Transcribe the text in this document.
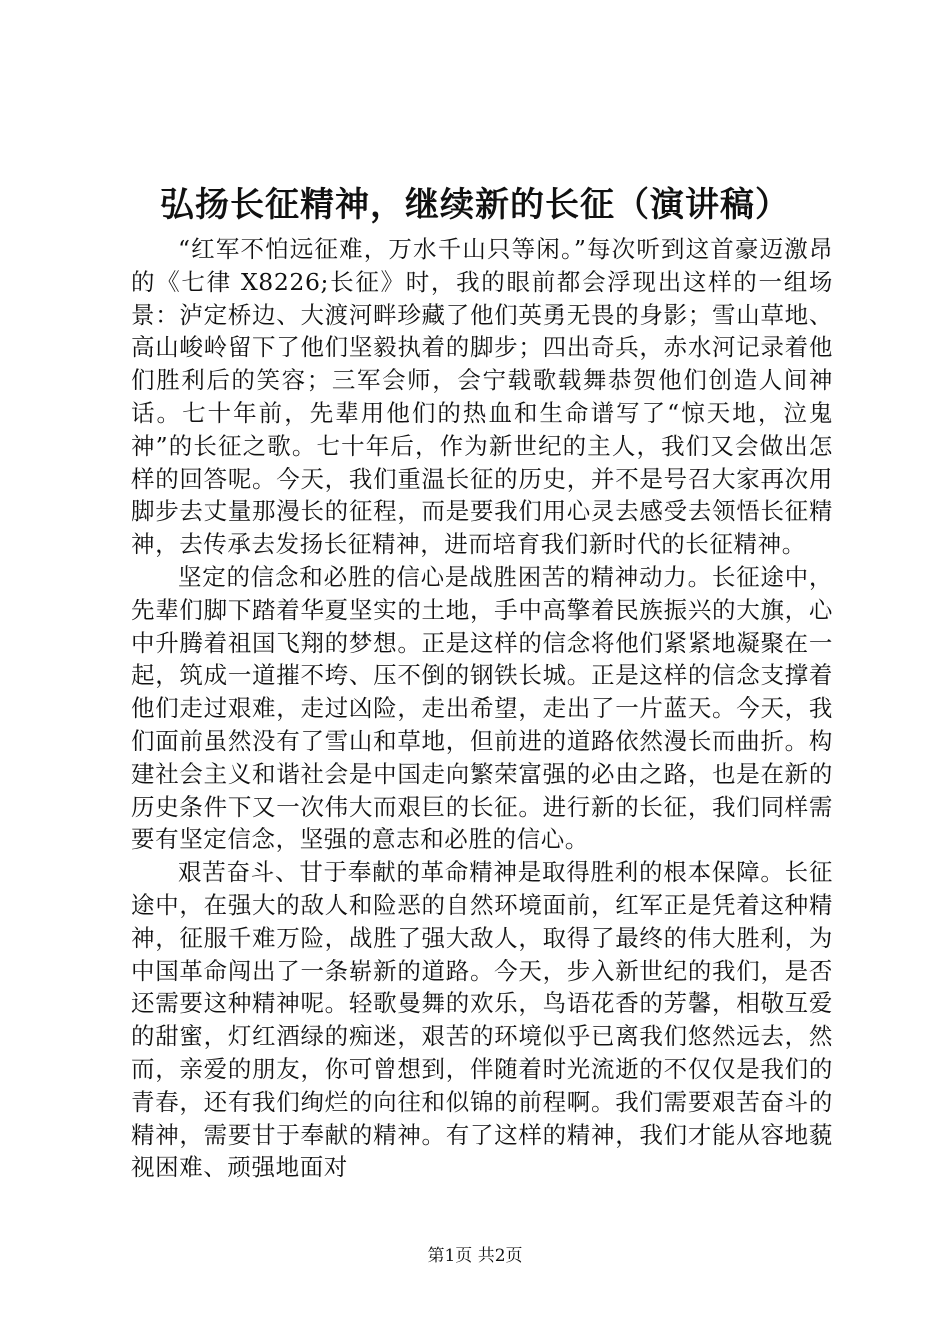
弘扬长征精神，继续新的长征（演讲稿）

“红军不怕远征难，万水千山只等闲。”每次听到这首豪迈激昂的《七律 X8226;长征》时，我的眼前都会浮现出这样的一组场景：泸定桥边、大渡河畔珍藏了他们英勇无畏的身影；雪山草地、高山峻岭留下了他们坚毅执着的脚步；四出奇兵，赤水河记录着他们胜利后的笑容；三军会师，会宁载歌载舞恭贺他们创造人间神话。七十年前，先辈用他们的热血和生命谱写了“惊天地，泣鬼神”的长征之歌。七十年后，作为新世纪的主人，我们又会做出怎样的回答呢。今天，我们重温长征的历史，并不是号召大家再次用脚步去丈量那漫长的征程，而是要我们用心灵去感受去领悟长征精神，去传承去发扬长征精神，进而培育我们新时代的长征精神。

坚定的信念和必胜的信心是战胜困苦的精神动力。长征途中，先辈们脚下踏着华夏坚实的土地，手中高擎着民族振兴的大旗，心中升腾着祖国飞翔的梦想。正是这样的信念将他们紧紧地凝聚在一起，筑成一道摧不垮、压不倒的钢铁长城。正是这样的信念支撑着他们走过艰难，走过凶险，走出希望，走出了一片蓝天。今天，我们面前虽然没有了雪山和草地，但前进的道路依然漫长而曲折。构建社会主义和谐社会是中国走向繁荣富强的必由之路，也是在新的历史条件下又一次伟大而艰巨的长征。进行新的长征，我们同样需要有坚定信念，坚强的意志和必胜的信心。

艰苦奋斗、甘于奉献的革命精神是取得胜利的根本保障。长征途中，在强大的敌人和险恶的自然环境面前，红军正是凭着这种精神，征服千难万险，战胜了强大敌人，取得了最终的伟大胜利，为中国革命闯出了一条崭新的道路。今天，步入新世纪的我们，是否还需要这种精神呢。轻歌曼舞的欢乐，鸟语花香的芳馨，相敬互爱的甜蜜，灯红酒绿的痴迷，艰苦的环境似乎已离我们悠然远去，然而，亲爱的朋友，你可曾想到，伴随着时光流逝的不仅仅是我们的青春，还有我们绚烂的向往和似锦的前程啊。我们需要艰苦奋斗的精神，需要甘于奉献的精神。有了这样的精神，我们才能从容地藐视困难、顽强地面对

第1页 共2页
